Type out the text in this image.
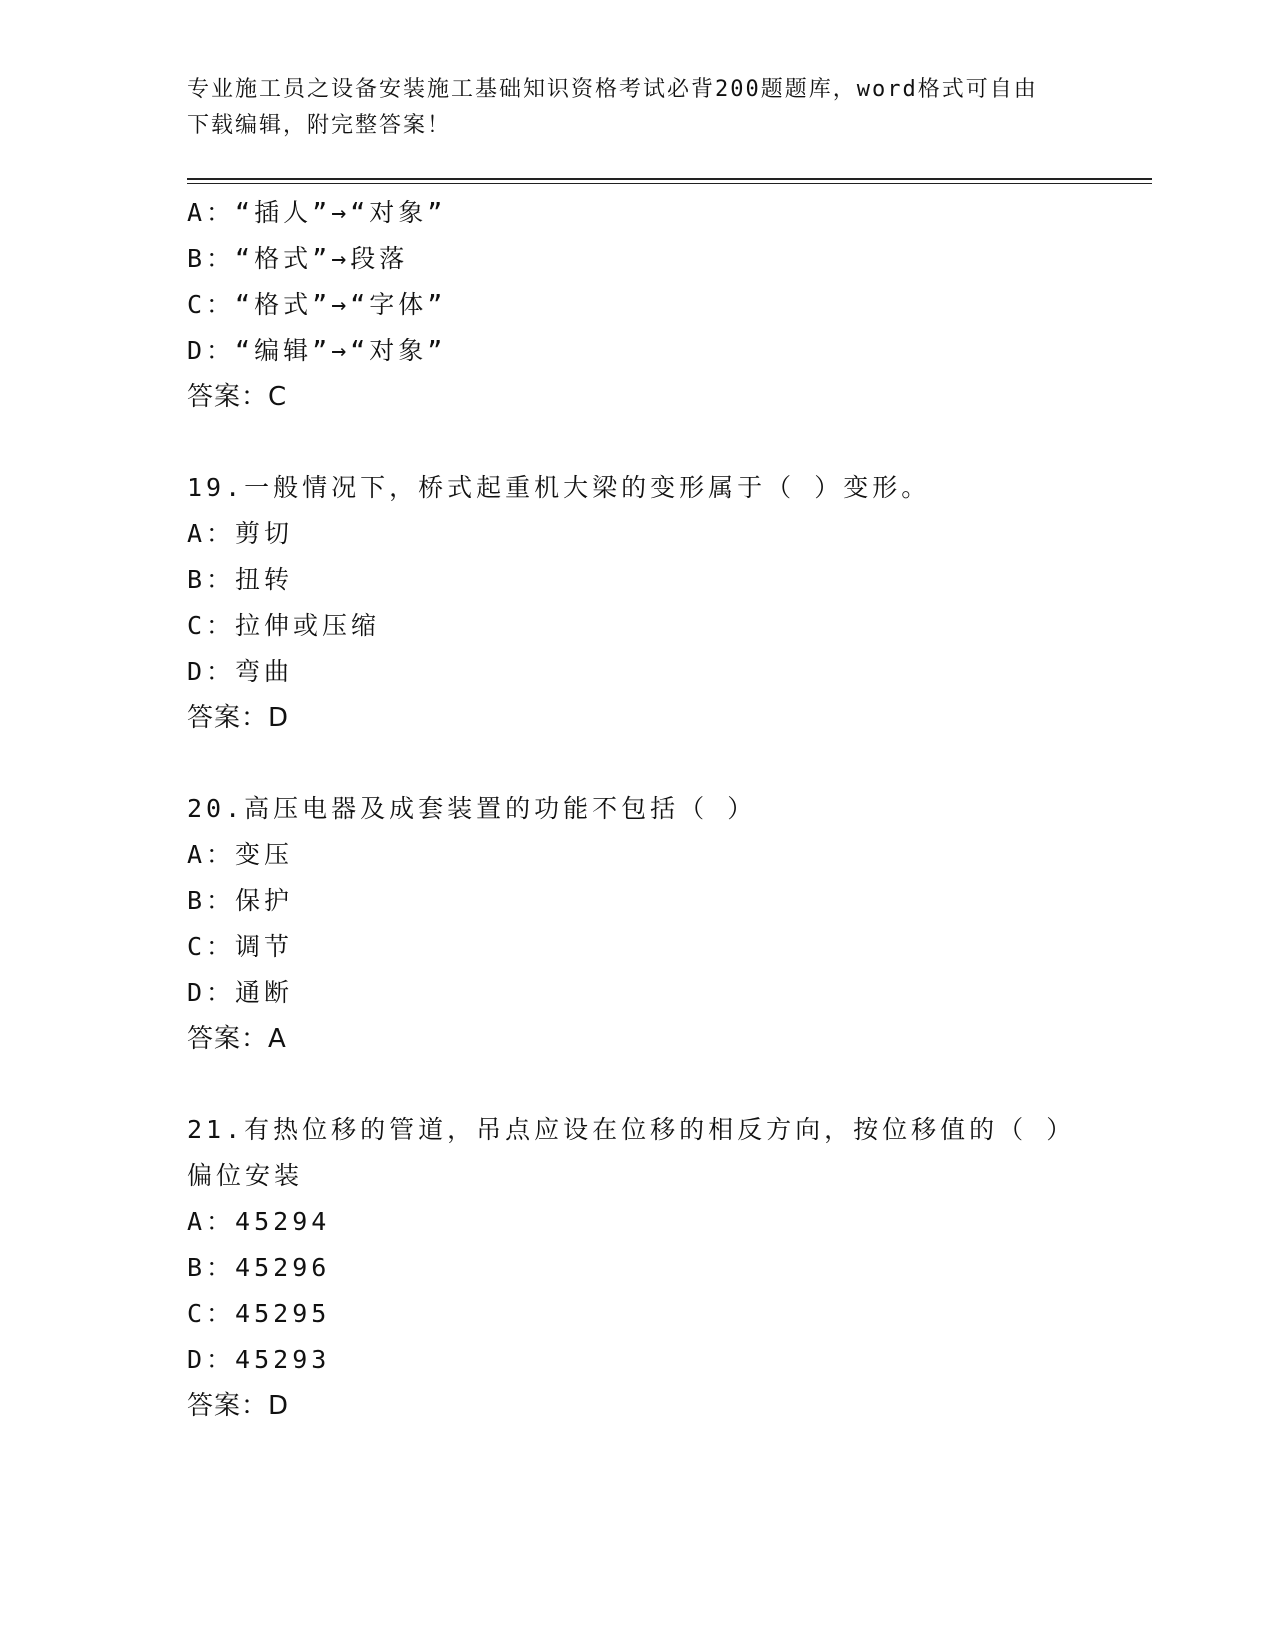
专业施工员之设备安装施工基础知识资格考试必背200题题库，word格式可自由
下载编辑，附完整答案！
A：“插人”→“对象”
B：“格式”→段落
C：“格式”→“字体”
D：“编辑”→“对象”
答案：C
19.一般情况下，桥式起重机大梁的变形属于（ ）变形。
A：剪切
B：扭转
C：拉伸或压缩
D：弯曲
答案：D
20.高压电器及成套装置的功能不包括（ ）
A：变压
B：保护
C：调节
D：通断
答案：A
21.有热位移的管道，吊点应设在位移的相反方向，按位移值的（ ）偏位安装
A：45294
B：45296
C：45295
D：45293
答案：D
